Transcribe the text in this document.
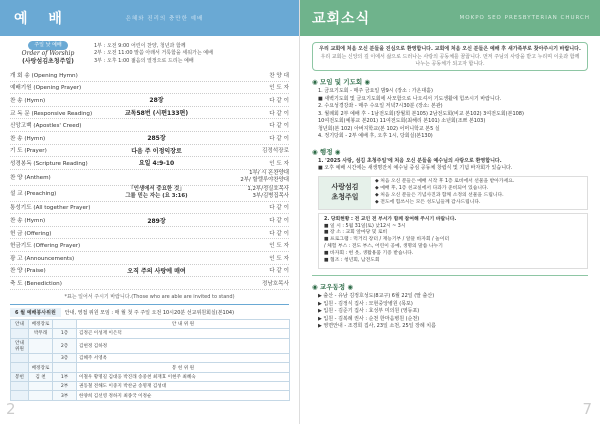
예 배	은혜와 진리의 충만한 예배
주일 낮 예배
Order of Worship
(사랑섬김초청주일)
1부 : 오전 9:00 어린이 찬양, 청년과 함께
2부 : 오전 11:00 말씀 아래서 거룩함을 세워가는 예배
3부 : 오후 1:00 젊음의 열정으로 드리는 예배
개 회 송 (Opening Hymn)	찬 양 대
예배기원 (Opening Prayer)	인 도 자
찬 송 (Hymn)	28장	다 같 이
교 독 문 (Responsive Reading)	교독58번 (시편133편)	다 같 이
신앙고백 (Apostles' Creed)	다 같 이
찬 송 (Hymn)	285장	다 같 이
기 도 (Prayer)	다음 주 이정익장로	김정석장로
성경봉독 (Scripture Reading)	요일 4:9-10	인 도 자
찬 양 (Anthem)
1부/ 시 온찬양대
2부/ 할렐루야찬양대
설 교 (Preaching)
「인생에서 중요한 것」
그를 믿는 자는 (요 3:16)
1,2부/정실호목사
3부/김병집목사
통성기도 (All together Prayer)	다 같 이
찬 송 (Hymn)	289장	다 같 이
헌 금 (Offering)	다 같 이
헌금기도 (Offering Prayer)	인 도 자
광 고 (Announcements)	인 도 자
찬 양 (Praise)	오직 주의 사랑에 매여	다 같 이
축 도 (Benediction)	정남호목사
*표는 일어서 주시기 바랍니다.(Those who are able are invited to stand)
6 월 예배봉사위원	안내, 영접 위원 모임 : 매 월 첫 주 주일 오전 10시20분 선교위원회실(본104)
안내	배정장로		안 내 위 원
	박무래	1층	김정곤 이성재 이은덕
안내위원		2층	김현정 김하정
		3층	김혜주 서영옥
	배정장로		봉 헌 위 원
봉헌	김 천	1부	이철우 황명길 김대웅 박진래 송중천 최재효 이현주 최혜숙
		2부	권동철 전해도 이중지 박찬균 송명재 김성대
		3부	한양희 김선영 정하지 최종국 이정순
2
교회소식	MOKPO SEO PRESBYTERIAN CHURCH
우리 교회에 처음 오신 분들을 진심으로 환영합니다. 교회에 처음 오신 분들은 예배 후 새가족부로 찾아주시기 바랍니다.
우리 교회는 신앙의 깊 이에서 삶으로 드러나는 사랑의 공동체를 꿈꿉니다. 먼저 주님의 사랑을 받고 누리며 이웃과 함께 나누는 공동체가 되고자 합니다.
◉ 모임 및 기도회 ◉

1. 금요기도회 - 매주 금요일 밤9시 (장소 : 가온대홀)

■ 새벽기도회 및 금요기도회에 사모함으로 나오셔서 기도생활에 힘쓰시기 바랍니다.

2. 수요성경강좌 - 매주 수요일 저녁7시30분 (장소: 본관)

3. 월례회 2부 예배 후 - 1남전도회(장월희 본105) 2남전도회(비교 본102) 3여전도회(본108)

10여전도회(예봉교 본201) 11여전도회(최해리 본101) 소년회(조쁘 본103)

청년회(본 102) 아버지학교(본 102) 어머니학교 본5 실

4. 정기당회 - 2부 예배 후, 오후 1시, 당회실(본130)

◉ 행정 ◉

1. '2025 사랑, 섬김 초청주일'에 처음 오신 분들을 예수님의 사랑으로 환영합니다.

■ 오후 예배 시간에는 새생명잔치 예수님 중심 공동체 창립식 및 기념 바자회가 있습니다.

사랑섬김
초청주일
◆ 처음 오신 분들은 예배 시작 후 1층 로비에서 선물을 받아가세요.
◆ 예배 후, 1층 친교실에서 다과가 준비되어 있습니다.
◆ 처음 오신 분들은 기념사진과 함께 소정의 선물을 드립니다.
◆ 전도에 힘쓰시는 모든 성도님들께 감사드립니다.
2. 당회현황 : 전 교인 전 부서가 함께 참여해 주시기 바랍니다.
■ 일 시 : 5월 31일(토) 낮12시 ~ 3시
■ 장 소 : 교회 앞마당 및 로비
■ 프로그램 : 먹거리 장터 / 재능기부 / 알뜰 바자회 / 놀이터
/ 체험 부스 : 전도 부스, 어린이 공예, 생명의 말씀 나누기
■ 바자회 : 헌 옷, 생활용품 기증 받습니다.
■ 협조 : 청년회, 남전도회
◉ 교우동정 ◉

▶ 출산 - 유남 김정호성도(8교구) 6월 22일 (딸 출산)

▶ 입원 - 김정식 집사 : 모현중앙병원 (목포)

▶ 입원 - 김준기 집사 : 효성부 미의원 (영등포)

▶ 입원 - 김복례 권사 : 순천 한마음병원 (순천)

▶ 영면안내 - 조경희 집사, 23일 소천, 25일 장례 치름

7
